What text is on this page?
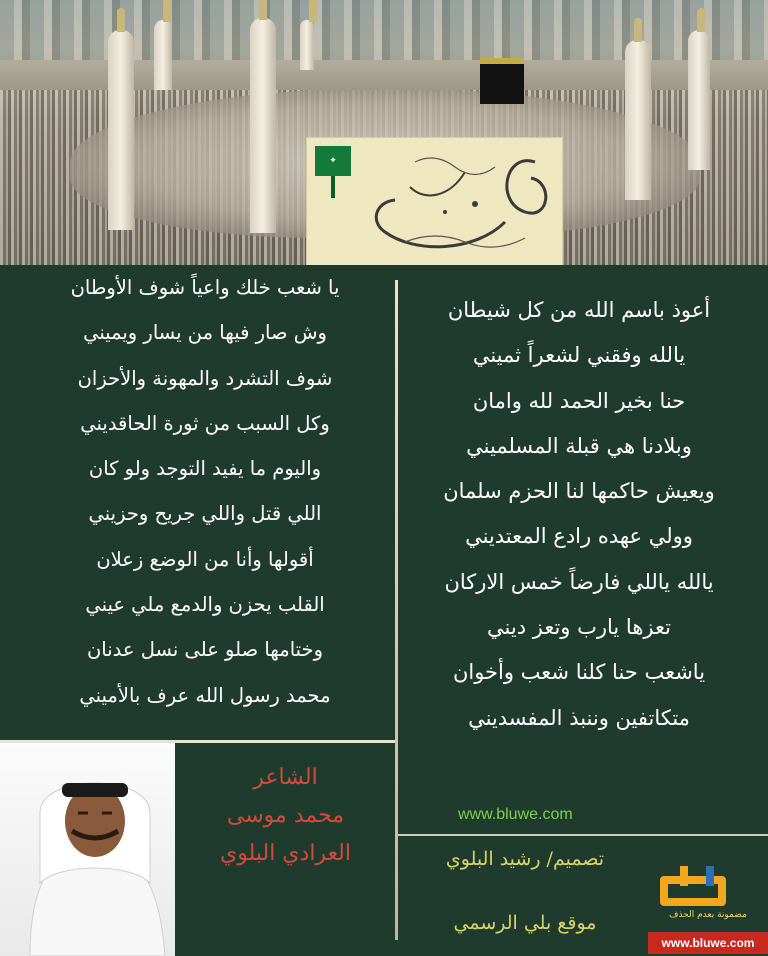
✦
أعوذ باسم الله من كل شيطان
يالله وفقني لشعراً ثميني
حنا بخير الحمد لله وامان
وبلادنا هي قبلة المسلميني
ويعيش حاكمها لنا الحزم سلمان
وولي عهده رادع المعتديني
يالله ياللي فارضاً خمس الاركان
تعزها يارب وتعز ديني
ياشعب حنا كلنا شعب وأخوان
متكاتفين وننبذ المفسديني
يا شعب خلك واعياً شوف الأوطان
وش صار فيها من يسار ويميني
شوف التشرد والمهونة والأحزان
وكل السبب من ثورة الحاقديني
واليوم ما يفيد التوجد ولو كان
اللي قتل واللي جريح وحزيني
أقولها وأنا من الوضع زعلان
القلب يحزن والدمع ملي عيني
وختامها صلو على نسل عدنان
محمد رسول الله عرف بالأميني
الشاعر
محمد موسى
العرادي البلوي
www.bluwe.com
تصميم/ رشيد البلوي
موقع بلي الرسمي	مضمونة بعدم الحذف
www.bluwe.com
